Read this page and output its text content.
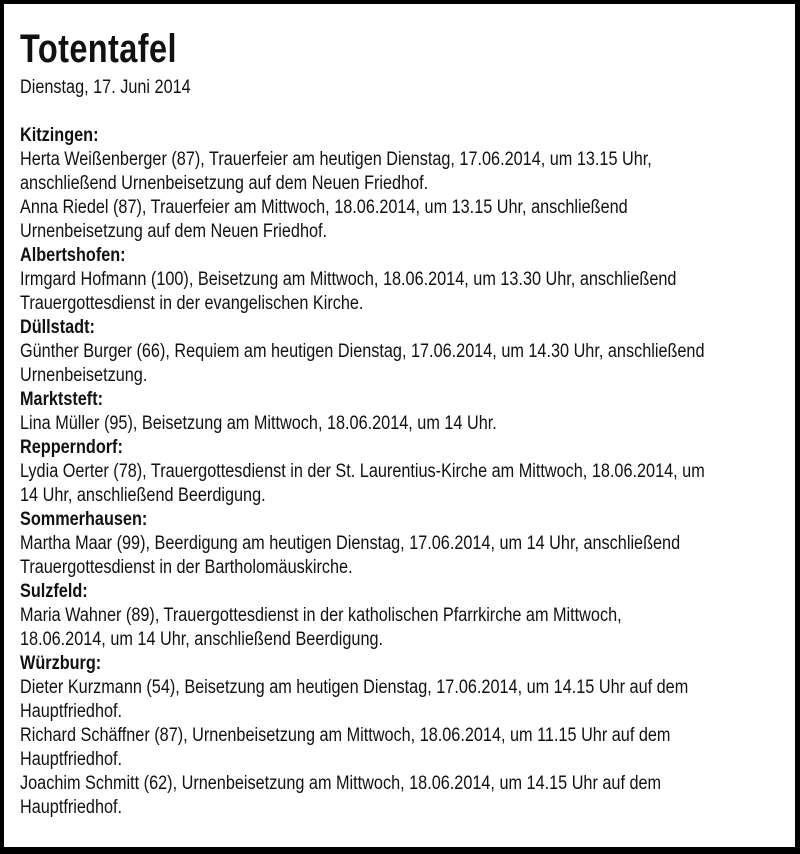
Totentafel
Dienstag, 17. Juni 2014
Kitzingen:
Herta Weißenberger (87), Trauerfeier am heutigen Dienstag, 17.06.2014, um 13.15 Uhr,
anschließend Urnenbeisetzung auf dem Neuen Friedhof.
Anna Riedel (87), Trauerfeier am Mittwoch, 18.06.2014, um 13.15 Uhr, anschließend
Urnenbeisetzung auf dem Neuen Friedhof.
Albertshofen:
Irmgard Hofmann (100), Beisetzung am Mittwoch, 18.06.2014, um 13.30 Uhr, anschließend
Trauergottesdienst in der evangelischen Kirche.
Düllstadt:
Günther Burger (66), Requiem am heutigen Dienstag, 17.06.2014, um 14.30 Uhr, anschließend
Urnenbeisetzung.
Marktsteft:
Lina Müller (95), Beisetzung am Mittwoch, 18.06.2014, um 14 Uhr.
Repperndorf:
Lydia Oerter (78), Trauergottesdienst in der St. Laurentius-Kirche am Mittwoch, 18.06.2014, um
14 Uhr, anschließend Beerdigung.
Sommerhausen:
Martha Maar (99), Beerdigung am heutigen Dienstag, 17.06.2014, um 14 Uhr, anschließend
Trauergottesdienst in der Bartholomäuskirche.
Sulzfeld:
Maria Wahner (89), Trauergottesdienst in der katholischen Pfarrkirche am Mittwoch,
18.06.2014, um 14 Uhr, anschließend Beerdigung.
Würzburg:
Dieter Kurzmann (54), Beisetzung am heutigen Dienstag, 17.06.2014, um 14.15 Uhr auf dem
Hauptfriedhof.
Richard Schäffner (87), Urnenbeisetzung am Mittwoch, 18.06.2014, um 11.15 Uhr auf dem
Hauptfriedhof.
Joachim Schmitt (62), Urnenbeisetzung am Mittwoch, 18.06.2014, um 14.15 Uhr auf dem
Hauptfriedhof.
